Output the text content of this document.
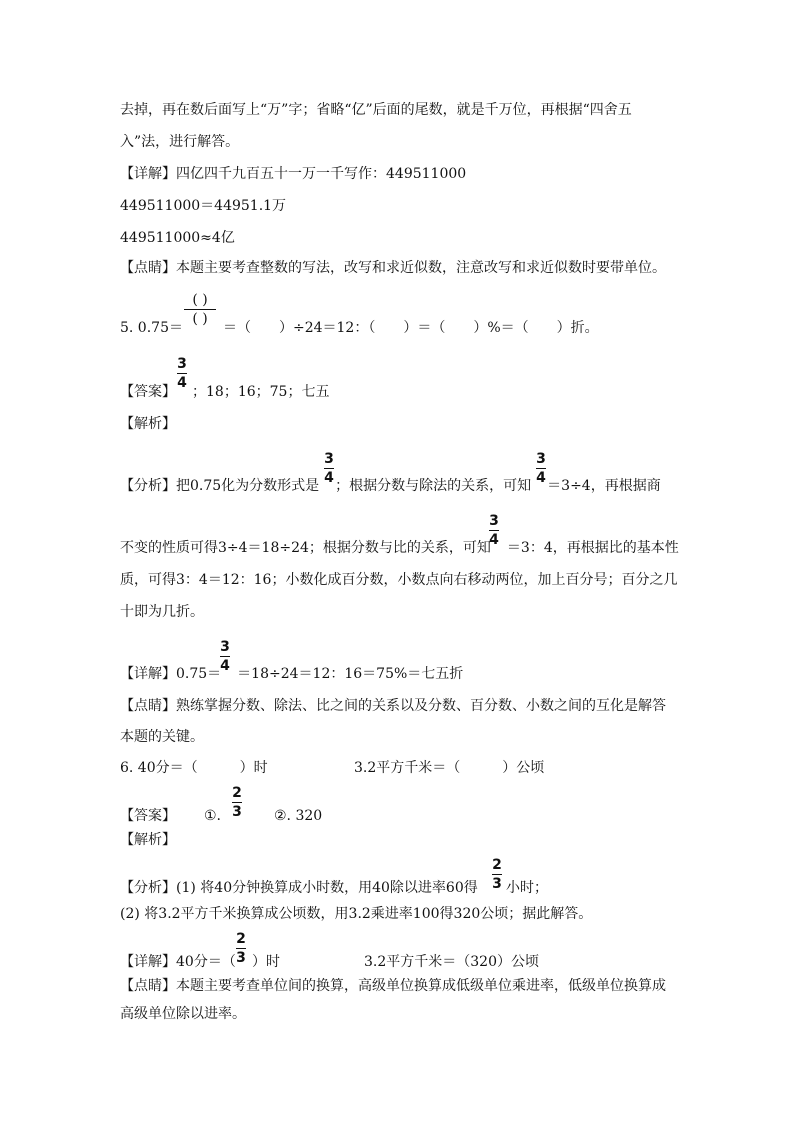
去掉，再在数后面写上“万”字；省略“亿”后面的尾数，就是千万位，再根据“四舍五
入”法，进行解答。
【详解】四亿四千九百五十一万一千写作：449511000
449511000＝44951.1万
449511000≈4亿
【点睛】本题主要考查整数的写法，改写和求近似数，注意改写和求近似数时要带单位。
5. 0.75＝	＝（　　）÷24＝12：（　　）＝（　　）%＝（　　）折。
( )
( )
【答案】 ；18；16；75；七五
3
4
【解析】
【分析】把0.75化为分数形式是 ；根据分数与除法的关系，可知 ＝3÷4，再根据商
3
4
3
4
不变的性质可得3÷4＝18÷24；根据分数与比的关系，可知 ＝3：4，再根据比的基本性
3
4
质，可得3：4＝12：16；小数化成百分数，小数点向右移动两位，加上百分号；百分之几
十即为几折。
【详解】0.75＝ ＝18÷24＝12：16＝75%＝七五折
3
4
【点睛】熟练掌握分数、除法、比之间的关系以及分数、百分数、小数之间的互化是解答
本题的关键。
6. 40分＝（　　　）时	3.2平方千米＝（　　　）公顷
【答案】 ①.
2
3 ②. 320
【解析】
【分析】(1) 将40分钟换算成小时数，用40除以进率60得
2
3 小时；
(2) 将3.2平方千米换算成公顷数，用3.2乘进率100得320公顷；据此解答。
【详解】40分＝（
2
3 ）时	3.2平方千米＝（320）公顷
【点睛】本题主要考查单位间的换算，高级单位换算成低级单位乘进率，低级单位换算成
高级单位除以进率。
